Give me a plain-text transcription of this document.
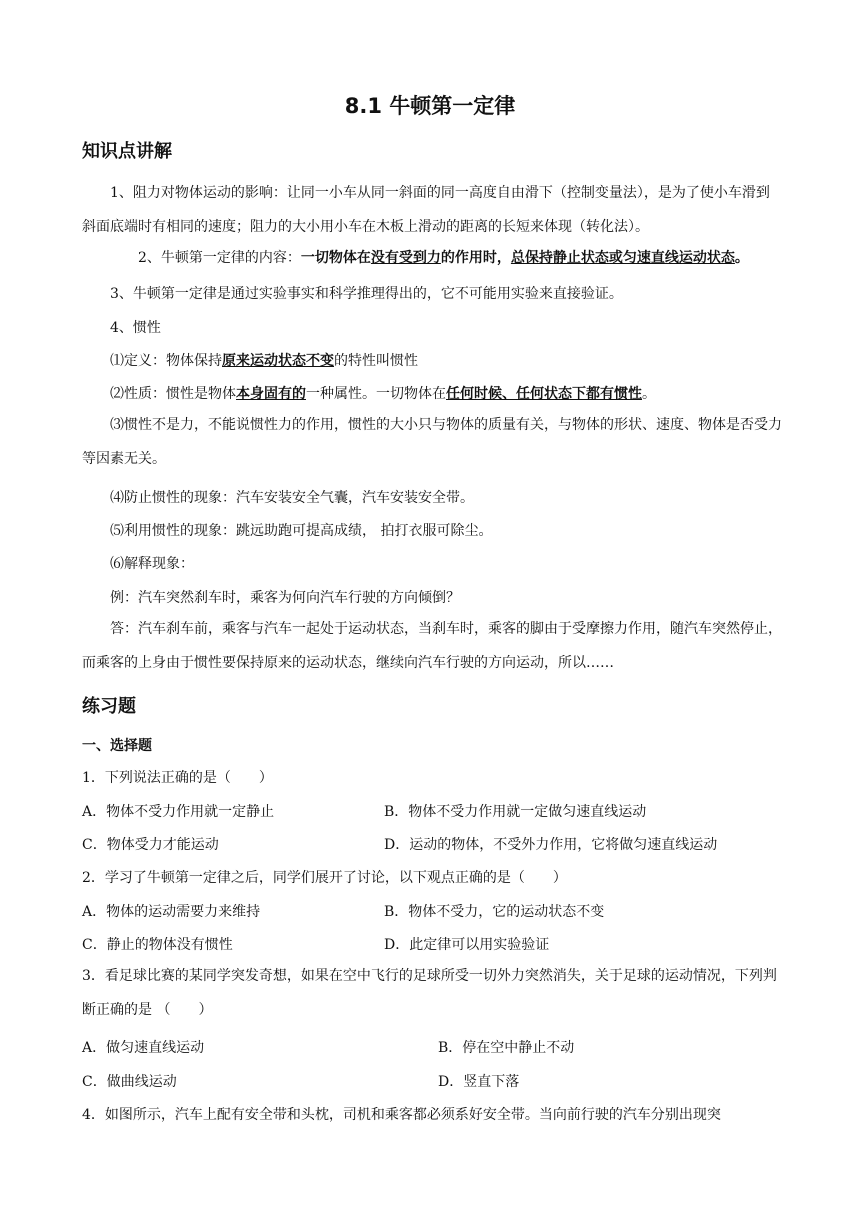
8.1 牛顿第一定律
知识点讲解
1、阻力对物体运动的影响：让同一小车从同一斜面的同一高度自由滑下（控制变量法），是为了使小车滑到斜面底端时有相同的速度；阻力的大小用小车在木板上滑动的距离的长短来体现（转化法）。
2、牛顿第一定律的内容：一切物体在没有受到力的作用时，总保持静止状态或匀速直线运动状态。
3、牛顿第一定律是通过实验事实和科学推理得出的，它不可能用实验来直接验证。
4、惯性
⑴定义：物体保持原来运动状态不变的特性叫惯性
⑵性质：惯性是物体本身固有的一种属性。一切物体在任何时候、任何状态下都有惯性。
⑶惯性不是力，不能说惯性力的作用，惯性的大小只与物体的质量有关，与物体的形状、速度、物体是否受力等因素无关。
⑷防止惯性的现象：汽车安装安全气囊，汽车安装安全带。
⑸利用惯性的现象：跳远助跑可提高成绩， 拍打衣服可除尘。
⑹解释现象：
例：汽车突然刹车时，乘客为何向汽车行驶的方向倾倒？
答：汽车刹车前，乘客与汽车一起处于运动状态，当刹车时，乘客的脚由于受摩擦力作用，随汽车突然停止，而乘客的上身由于惯性要保持原来的运动状态，继续向汽车行驶的方向运动，所以……
练习题
一、选择题
1．下列说法正确的是（　　）
A．物体不受力作用就一定静止	B．物体不受力作用就一定做匀速直线运动
C．物体受力才能运动	D．运动的物体，不受外力作用，它将做匀速直线运动
2．学习了牛顿第一定律之后，同学们展开了讨论，以下观点正确的是（　　）
A．物体的运动需要力来维持	B．物体不受力，它的运动状态不变
C．静止的物体没有惯性	D．此定律可以用实验验证
3．看足球比赛的某同学突发奇想，如果在空中飞行的足球所受一切外力突然消失，关于足球的运动情况，下列判断正确的是 （　　）
A．做匀速直线运动	B．停在空中静止不动
C．做曲线运动	D．竖直下落
4．如图所示，汽车上配有安全带和头枕，司机和乘客都必须系好安全带。当向前行驶的汽车分别出现突
